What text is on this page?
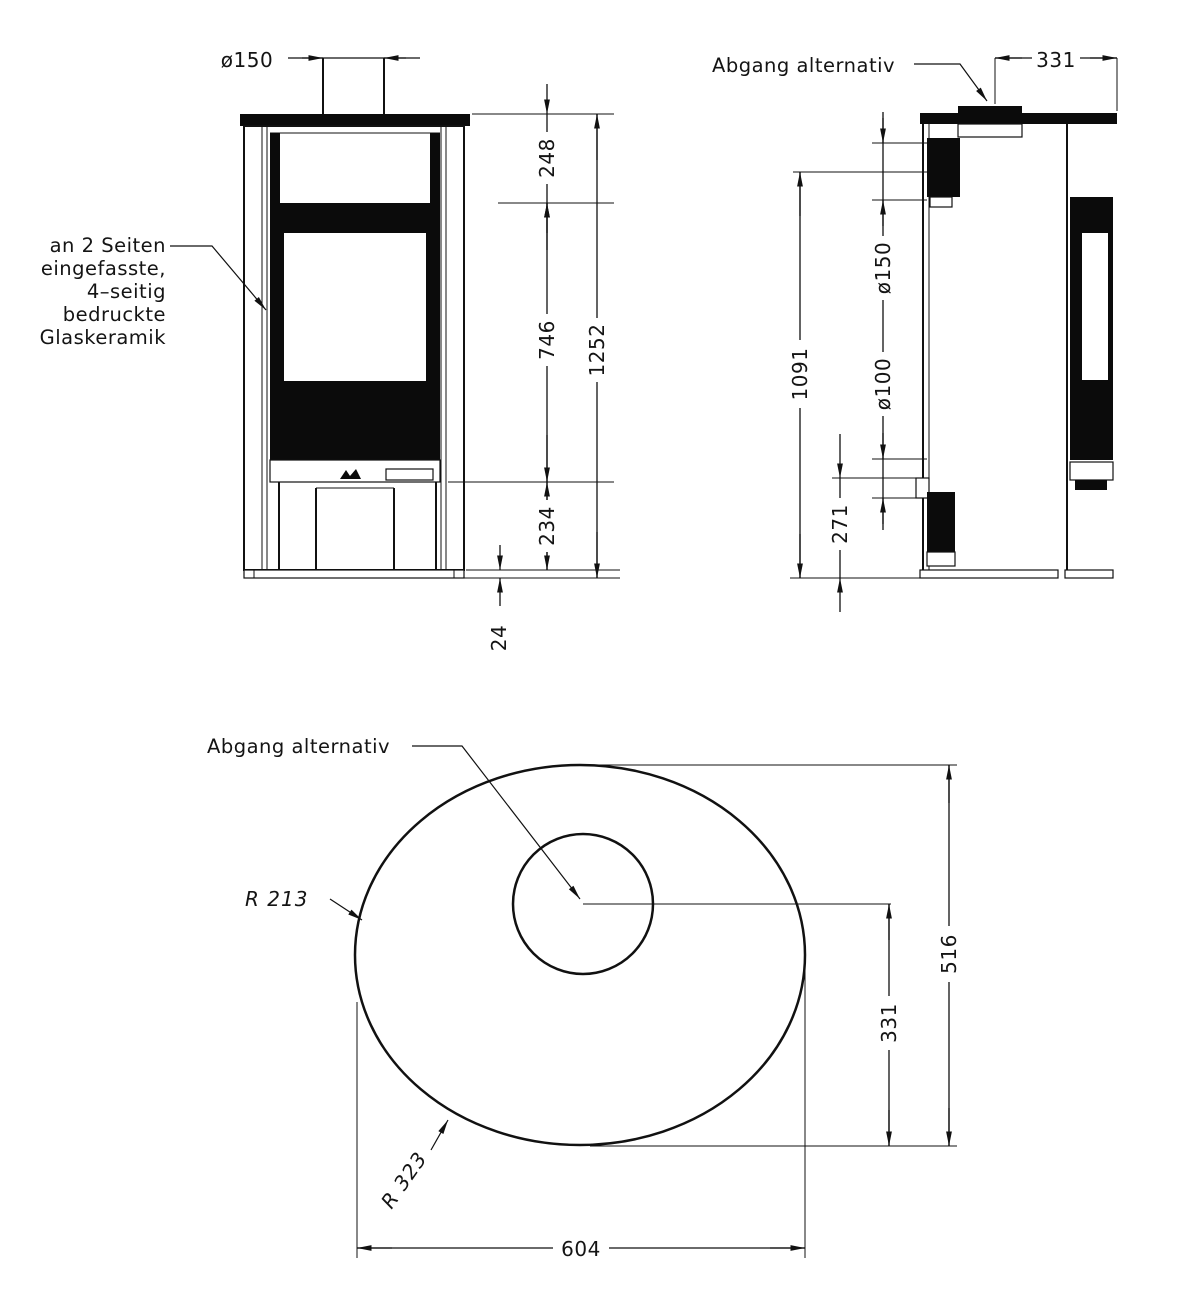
an 2 Seiten
eingefasste,
4–seitig
bedruckte
Glaskeramik
ø150
248
746
234
1252
24
Abgang alternativ	331
ø150
ø100
1091
271
Abgang alternativ
R 213
R 323
604
516
331
